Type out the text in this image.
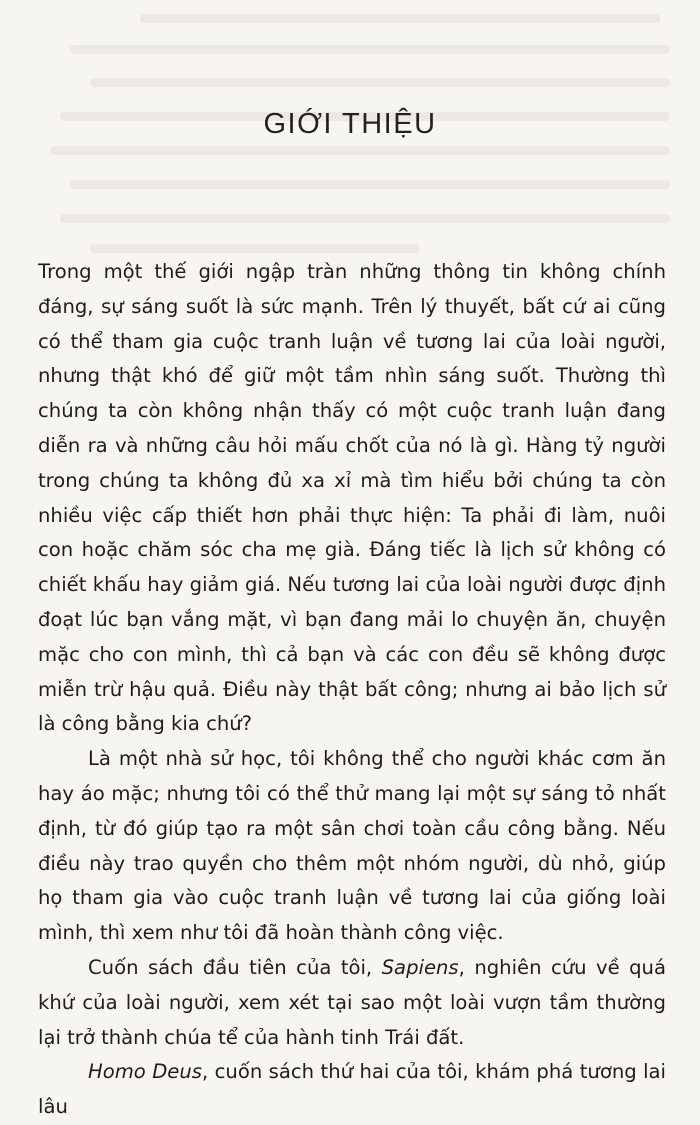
GIỚI THIỆU

Trong một thế giới ngập tràn những thông tin không chính đáng, sự sáng suốt là sức mạnh. Trên lý thuyết, bất cứ ai cũng có thể tham gia cuộc tranh luận về tương lai của loài người, nhưng thật khó để giữ một tầm nhìn sáng suốt. Thường thì chúng ta còn không nhận thấy có một cuộc tranh luận đang diễn ra và những câu hỏi mấu chốt của nó là gì. Hàng tỷ người trong chúng ta không đủ xa xỉ mà tìm hiểu bởi chúng ta còn nhiều việc cấp thiết hơn phải thực hiện: Ta phải đi làm, nuôi con hoặc chăm sóc cha mẹ già. Đáng tiếc là lịch sử không có chiết khấu hay giảm giá. Nếu tương lai của loài người được định đoạt lúc bạn vắng mặt, vì bạn đang mải lo chuyện ăn, chuyện mặc cho con mình, thì cả bạn và các con đều sẽ không được miễn trừ hậu quả. Điều này thật bất công; nhưng ai bảo lịch sử là công bằng kia chứ?

Là một nhà sử học, tôi không thể cho người khác cơm ăn hay áo mặc; nhưng tôi có thể thử mang lại một sự sáng tỏ nhất định, từ đó giúp tạo ra một sân chơi toàn cầu công bằng. Nếu điều này trao quyền cho thêm một nhóm người, dù nhỏ, giúp họ tham gia vào cuộc tranh luận về tương lai của giống loài mình, thì xem như tôi đã hoàn thành công việc.

Cuốn sách đầu tiên của tôi, Sapiens, nghiên cứu về quá khứ của loài người, xem xét tại sao một loài vượn tầm thường lại trở thành chúa tể của hành tinh Trái đất.

Homo Deus, cuốn sách thứ hai của tôi, khám phá tương lai lâu
